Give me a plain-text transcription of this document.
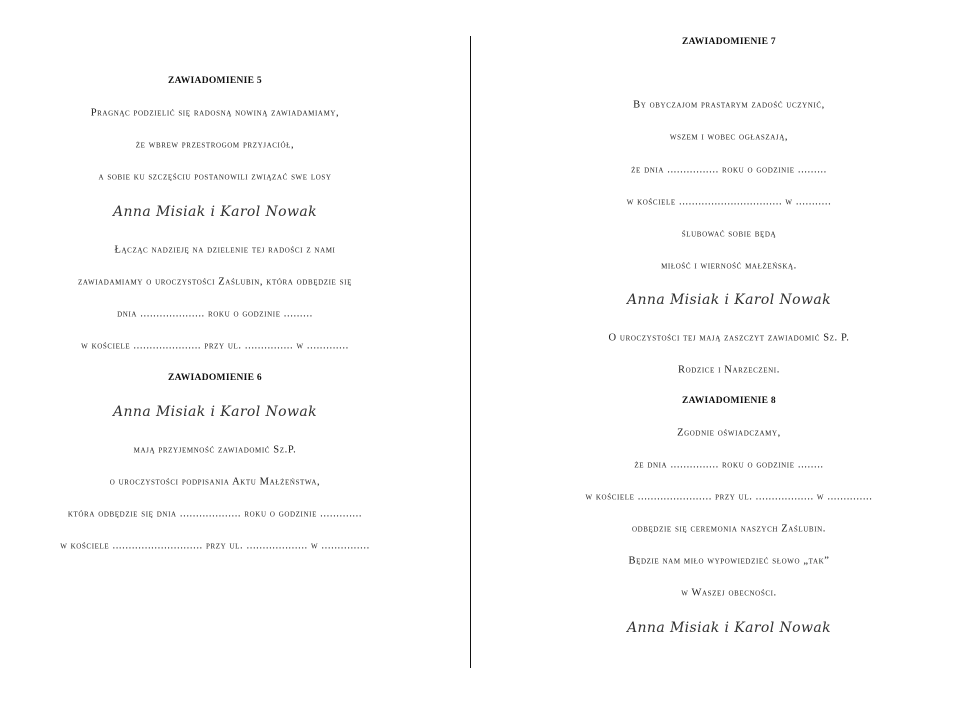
ZAWIADOMIENIE 5
Pragnąc podzielić się radosną nowiną zawiadamiamy,
że wbrew przestrogom przyjaciół,
a sobie ku szczęściu postanowili związać swe losy
Anna Misiak i Karol Nowak
Łącząc nadzieję na dzielenie tej radości z nami
zawiadamiamy o uroczystości Zaślubin, która odbędzie się
dnia .................... roku o godzinie .........
w kościele ..................... przy ul. ............... w .............
ZAWIADOMIENIE 6
Anna Misiak i Karol Nowak
mają przyjemność zawiadomić Sz.P.
o uroczystości podpisania Aktu Małżeństwa,
która odbędzie się dnia ................... roku o godzinie .............
w kościele ............................ przy ul. ................... w ...............
ZAWIADOMIENIE 7
By obyczajom prastarym zadość uczynić,
wszem i wobec ogłaszają,
że dnia ................ roku o godzinie .........
w kościele ................................ w ...........
ślubować sobie będą
miłość i wierność małżeńską.
Anna Misiak i Karol Nowak
O uroczystości tej mają zaszczyt zawiadomić Sz. P.
Rodzice i Narzeczeni.
ZAWIADOMIENIE 8
Zgodnie oświadczamy,
że dnia ............... roku o godzinie ........
w kościele ....................... przy ul. .................. w ..............
odbędzie się ceremonia naszych Zaślubin.
Będzie nam miło wypowiedzieć słowo „tak”
w Waszej obecności.
Anna Misiak i Karol Nowak
